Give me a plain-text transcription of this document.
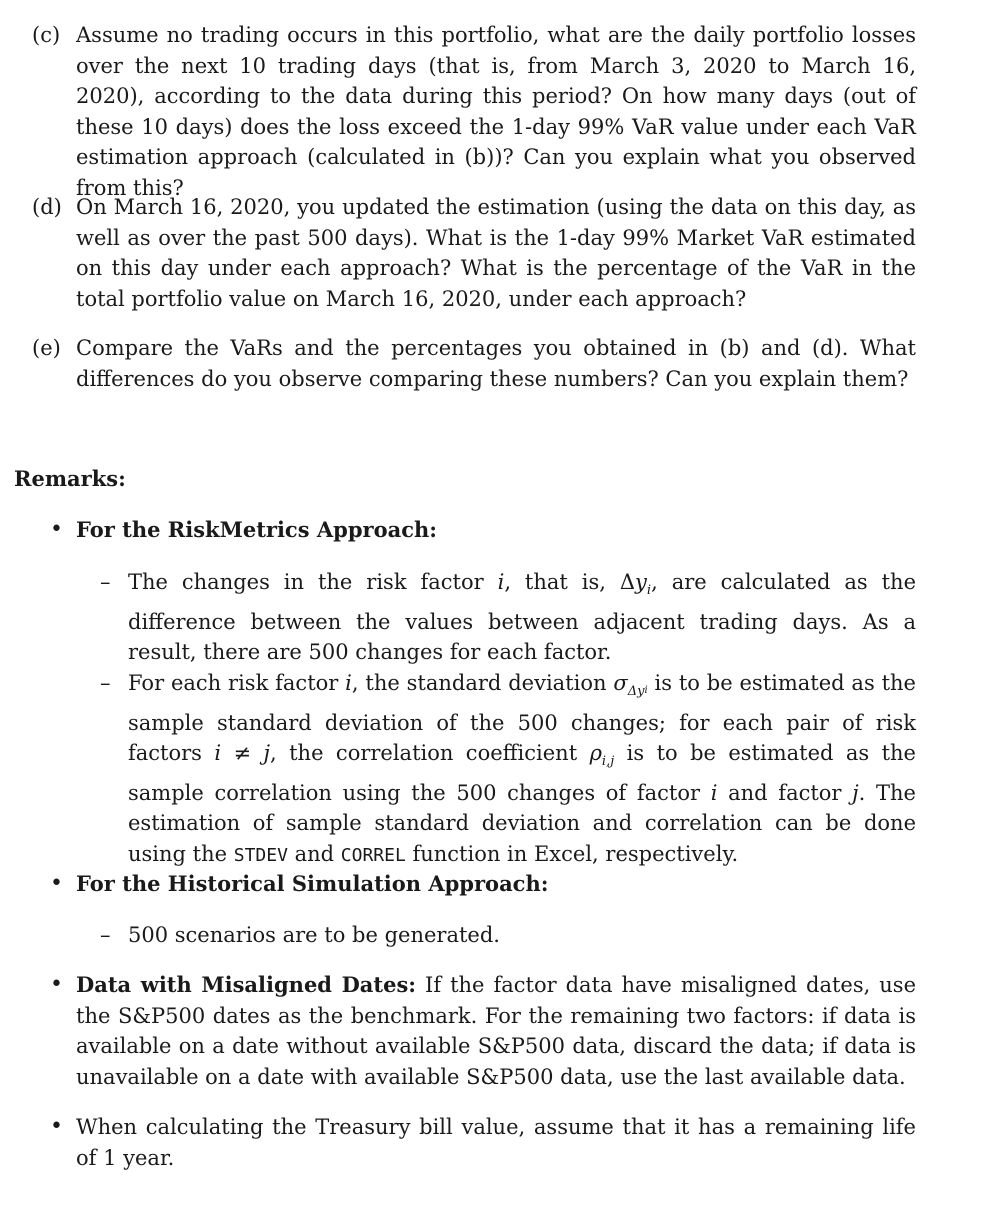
(c) Assume no trading occurs in this portfolio, what are the daily portfolio losses over the next 10 trading days (that is, from March 3, 2020 to March 16, 2020), according to the data during this period? On how many days (out of these 10 days) does the loss exceed the 1-day 99% VaR value under each VaR estimation approach (calculated in (b))? Can you explain what you observed from this?
(d) On March 16, 2020, you updated the estimation (using the data on this day, as well as over the past 500 days). What is the 1-day 99% Market VaR estimated on this day under each approach? What is the percentage of the VaR in the total portfolio value on March 16, 2020, under each approach?
(e) Compare the VaRs and the percentages you obtained in (b) and (d). What differences do you observe comparing these numbers? Can you explain them?
Remarks:
• For the RiskMetrics Approach:
– The changes in the risk factor i, that is, $\Delta y_i$, are calculated as the difference between the values between adjacent trading days. As a result, there are 500 changes for each factor.
– For each risk factor i, the standard deviation $\sigma_{\Delta y}i$ is to be estimated as the sample standard deviation of the 500 changes; for each pair of risk factors i ≠ j, the correlation coefficient $\rho_{i,j}$ is to be estimated as the sample correlation using the 500 changes of factor i and factor j. The estimation of sample standard deviation and correlation can be done using the STDEV and CORREL function in Excel, respectively.
• For the Historical Simulation Approach:
– 500 scenarios are to be generated.
• Data with Misaligned Dates: If the factor data have misaligned dates, use the S&P500 dates as the benchmark. For the remaining two factors: if data is available on a date without available S&P500 data, discard the data; if data is unavailable on a date with available S&P500 data, use the last available data.
• When calculating the Treasury bill value, assume that it has a remaining life of 1 year.
